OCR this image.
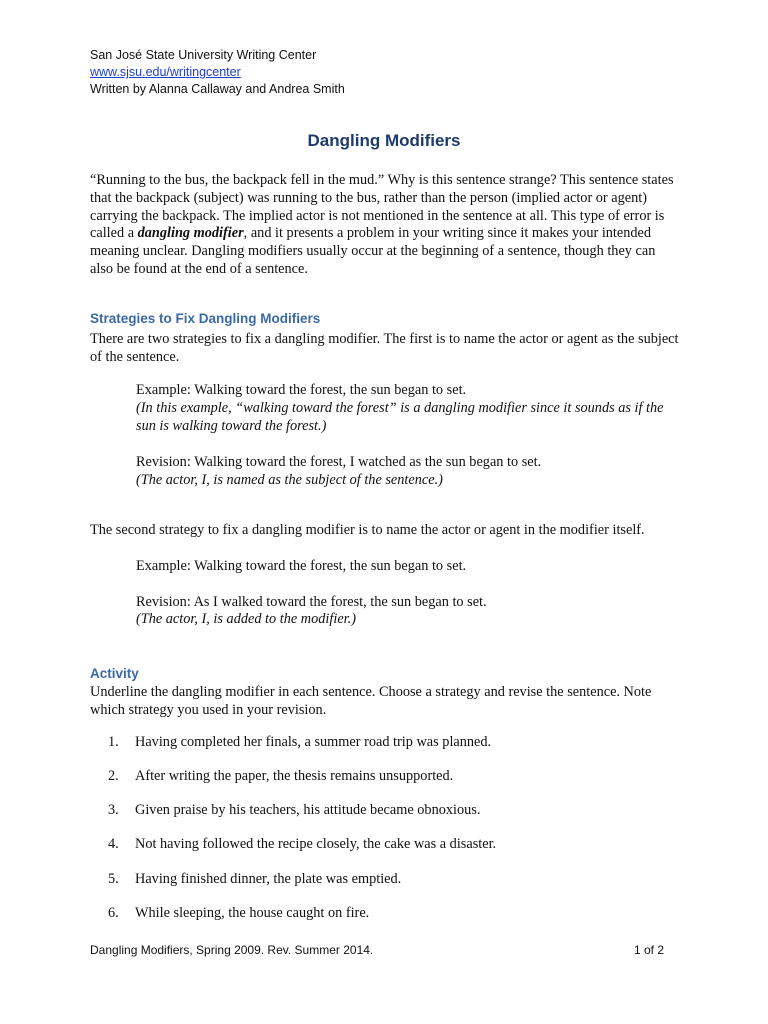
San José State University Writing Center
www.sjsu.edu/writingcenter
Written by Alanna Callaway and Andrea Smith
Dangling Modifiers
“Running to the bus, the backpack fell in the mud.” Why is this sentence strange? This sentence states that the backpack (subject) was running to the bus, rather than the person (implied actor or agent) carrying the backpack. The implied actor is not mentioned in the sentence at all. This type of error is called a dangling modifier, and it presents a problem in your writing since it makes your intended meaning unclear. Dangling modifiers usually occur at the beginning of a sentence, though they can also be found at the end of a sentence.
Strategies to Fix Dangling Modifiers
There are two strategies to fix a dangling modifier. The first is to name the actor or agent as the subject of the sentence.
Example: Walking toward the forest, the sun began to set.
(In this example, “walking toward the forest” is a dangling modifier since it sounds as if the sun is walking toward the forest.)
Revision: Walking toward the forest, I watched as the sun began to set.
(The actor, I, is named as the subject of the sentence.)
The second strategy to fix a dangling modifier is to name the actor or agent in the modifier itself.
Example: Walking toward the forest, the sun began to set.
Revision: As I walked toward the forest, the sun began to set.
(The actor, I, is added to the modifier.)
Activity
Underline the dangling modifier in each sentence. Choose a strategy and revise the sentence. Note which strategy you used in your revision.
1. Having completed her finals, a summer road trip was planned.
2. After writing the paper, the thesis remains unsupported.
3. Given praise by his teachers, his attitude became obnoxious.
4. Not having followed the recipe closely, the cake was a disaster.
5. Having finished dinner, the plate was emptied.
6. While sleeping, the house caught on fire.
Dangling Modifiers, Spring 2009. Rev. Summer 2014.	1 of 2
